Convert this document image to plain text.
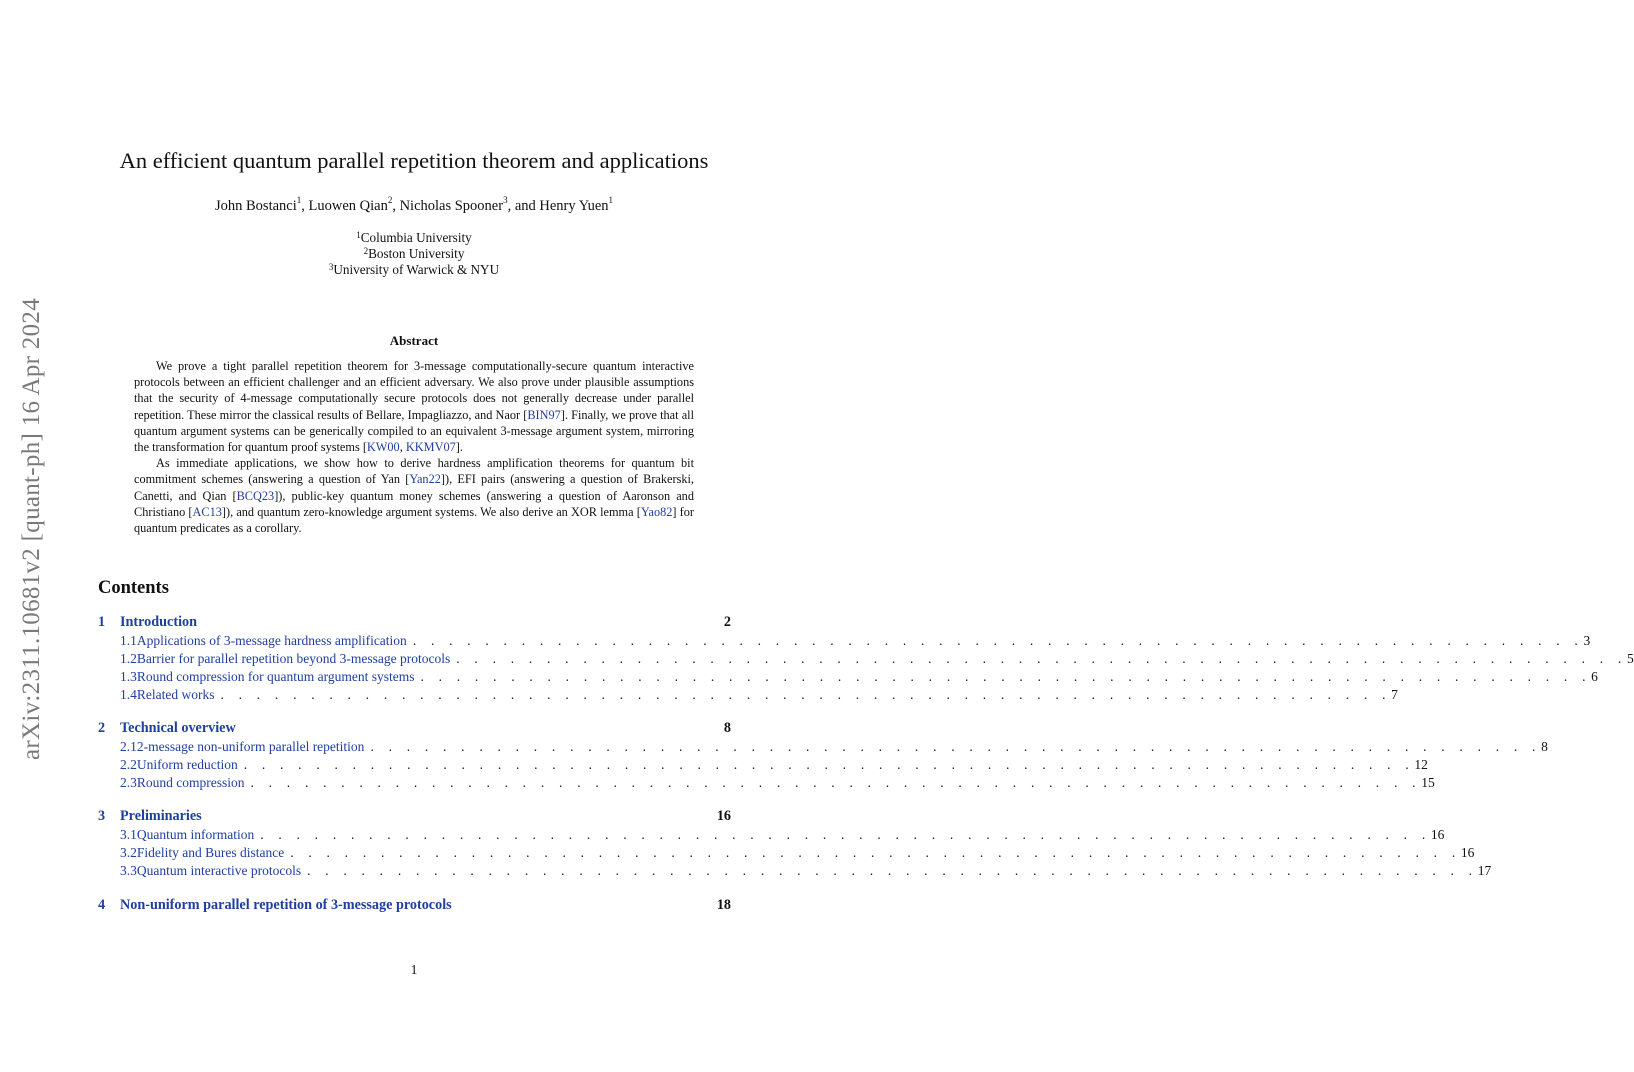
arXiv:2311.10681v2 [quant-ph] 16 Apr 2024
An efficient quantum parallel repetition theorem and applications
John Bostanci$^1$, Luowen Qian$^2$, Nicholas Spooner$^3$, and Henry Yuen$^1$
$^1$Columbia University
$^2$Boston University
$^3$University of Warwick & NYU
Abstract

We prove a tight parallel repetition theorem for 3-message computationally-secure quantum interactive protocols between an efficient challenger and an efficient adversary. We also prove under plausible assumptions that the security of 4-message computationally secure protocols does not generally decrease under parallel repetition. These mirror the classical results of Bellare, Impagliazzo, and Naor [BIN97]. Finally, we prove that all quantum argument systems can be generically compiled to an equivalent 3-message argument system, mirroring the transformation for quantum proof systems [KW00, KKMV07].

As immediate applications, we show how to derive hardness amplification theorems for quantum bit commitment schemes (answering a question of Yan [Yan22]), EFI pairs (answering a question of Brakerski, Canetti, and Qian [BCQ23]), public-key quantum money schemes (answering a question of Aaronson and Christiano [AC13]), and quantum zero-knowledge argument systems. We also derive an XOR lemma [Yao82] for quantum predicates as a corollary.

Contents
1	Introduction	2
1.1 Applications of 3-message hardness amplification . . . . . . . . . . . . . . . . . . . . . . . . . . . . . . . . . . . . . . . . . . . . . . . . . . . . . . . . . . . . . . . . . 3
1.2 Barrier for parallel repetition beyond 3-message protocols . . . . . . . . . . . . . . . . . . . . . . . . . . . . . . . . . . . . . . . . . . . . . . . . . . . . . . . . . . . . . . . . . 5
1.3 Round compression for quantum argument systems . . . . . . . . . . . . . . . . . . . . . . . . . . . . . . . . . . . . . . . . . . . . . . . . . . . . . . . . . . . . . . . . . 6
1.4 Related works . . . . . . . . . . . . . . . . . . . . . . . . . . . . . . . . . . . . . . . . . . . . . . . . . . . . . . . . . . . . . . . . . 7
2	Technical overview	8
2.1 2-message non-uniform parallel repetition . . . . . . . . . . . . . . . . . . . . . . . . . . . . . . . . . . . . . . . . . . . . . . . . . . . . . . . . . . . . . . . . . 8
2.2 Uniform reduction . . . . . . . . . . . . . . . . . . . . . . . . . . . . . . . . . . . . . . . . . . . . . . . . . . . . . . . . . . . . . . . . . 12
2.3 Round compression . . . . . . . . . . . . . . . . . . . . . . . . . . . . . . . . . . . . . . . . . . . . . . . . . . . . . . . . . . . . . . . . . 15
3	Preliminaries	16
3.1 Quantum information . . . . . . . . . . . . . . . . . . . . . . . . . . . . . . . . . . . . . . . . . . . . . . . . . . . . . . . . . . . . . . . . . 16
3.2 Fidelity and Bures distance . . . . . . . . . . . . . . . . . . . . . . . . . . . . . . . . . . . . . . . . . . . . . . . . . . . . . . . . . . . . . . . . . 16
3.3 Quantum interactive protocols . . . . . . . . . . . . . . . . . . . . . . . . . . . . . . . . . . . . . . . . . . . . . . . . . . . . . . . . . . . . . . . . . 17
4	Non-uniform parallel repetition of 3-message protocols	18
1
